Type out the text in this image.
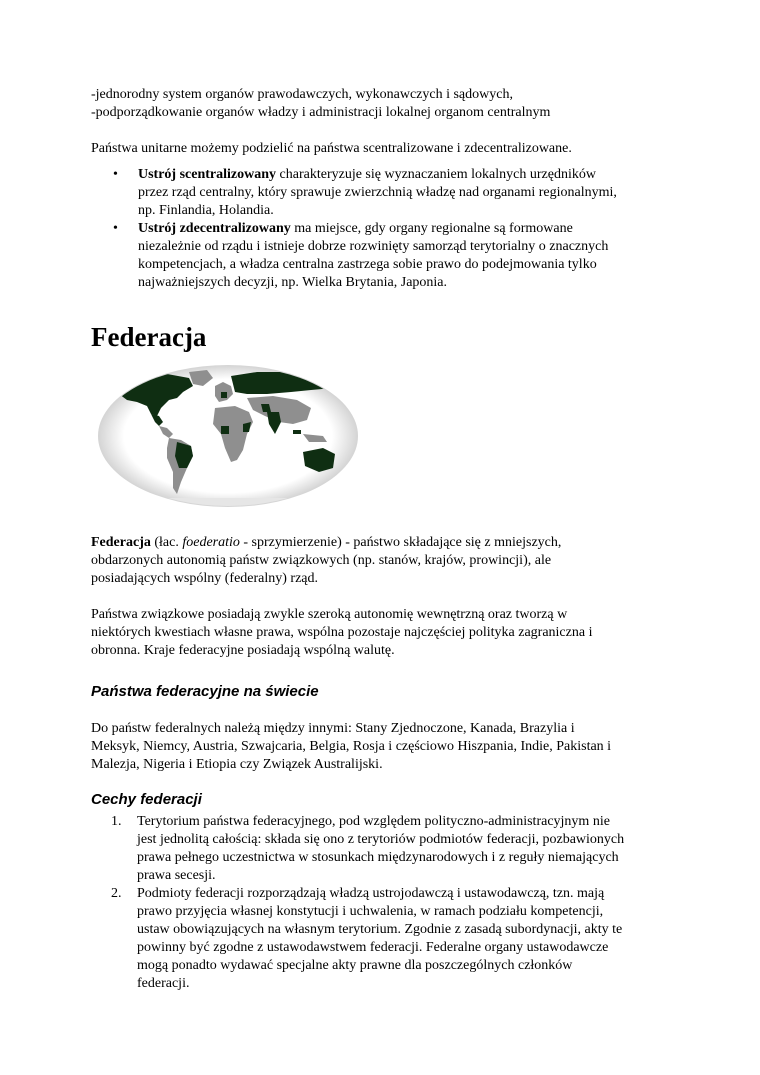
-jednorodny system organów prawodawczych, wykonawczych i sądowych,

-podporządkowanie organów władzy i administracji lokalnej organom centralnym

Państwa unitarne możemy podzielić na państwa scentralizowane i zdecentralizowane.

• Ustrój scentralizowany charakteryzuje się wyznaczaniem lokalnych urzędników

przez rząd centralny, który sprawuje zwierzchnią władzę nad organami regionalnymi,

np. Finlandia, Holandia.

• Ustrój zdecentralizowany ma miejsce, gdy organy regionalne są formowane

niezależnie od rządu i istnieje dobrze rozwinięty samorząd terytorialny o znacznych

kompetencjach, a władza centralna zastrzega sobie prawo do podejmowania tylko

najważniejszych decyzji, np. Wielka Brytania, Japonia.

Federacja

Federacja (łac. foederatio - sprzymierzenie) - państwo składające się z mniejszych,

obdarzonych autonomią państw związkowych (np. stanów, krajów, prowincji), ale

posiadających wspólny (federalny) rząd.

Państwa związkowe posiadają zwykle szeroką autonomię wewnętrzną oraz tworzą w

niektórych kwestiach własne prawa, wspólna pozostaje najczęściej polityka zagraniczna i

obronna. Kraje federacyjne posiadają wspólną walutę.

Państwa federacyjne na świecie

Do państw federalnych należą między innymi: Stany Zjednoczone, Kanada, Brazylia i

Meksyk, Niemcy, Austria, Szwajcaria, Belgia, Rosja i częściowo Hiszpania, Indie, Pakistan i

Malezja, Nigeria i Etiopia czy Związek Australijski.

Cechy federacji
1. Terytorium państwa federacyjnego, pod względem polityczno-administracyjnym nie

jest jednolitą całością: składa się ono z terytoriów podmiotów federacji, pozbawionych

prawa pełnego uczestnictwa w stosunkach międzynarodowych i z reguły niemających

prawa secesji.

2. Podmioty federacji rozporządzają władzą ustrojodawczą i ustawodawczą, tzn. mają

prawo przyjęcia własnej konstytucji i uchwalenia, w ramach podziału kompetencji,

ustaw obowiązujących na własnym terytorium. Zgodnie z zasadą subordynacji, akty te

powinny być zgodne z ustawodawstwem federacji. Federalne organy ustawodawcze

mogą ponadto wydawać specjalne akty prawne dla poszczególnych członków

federacji.
